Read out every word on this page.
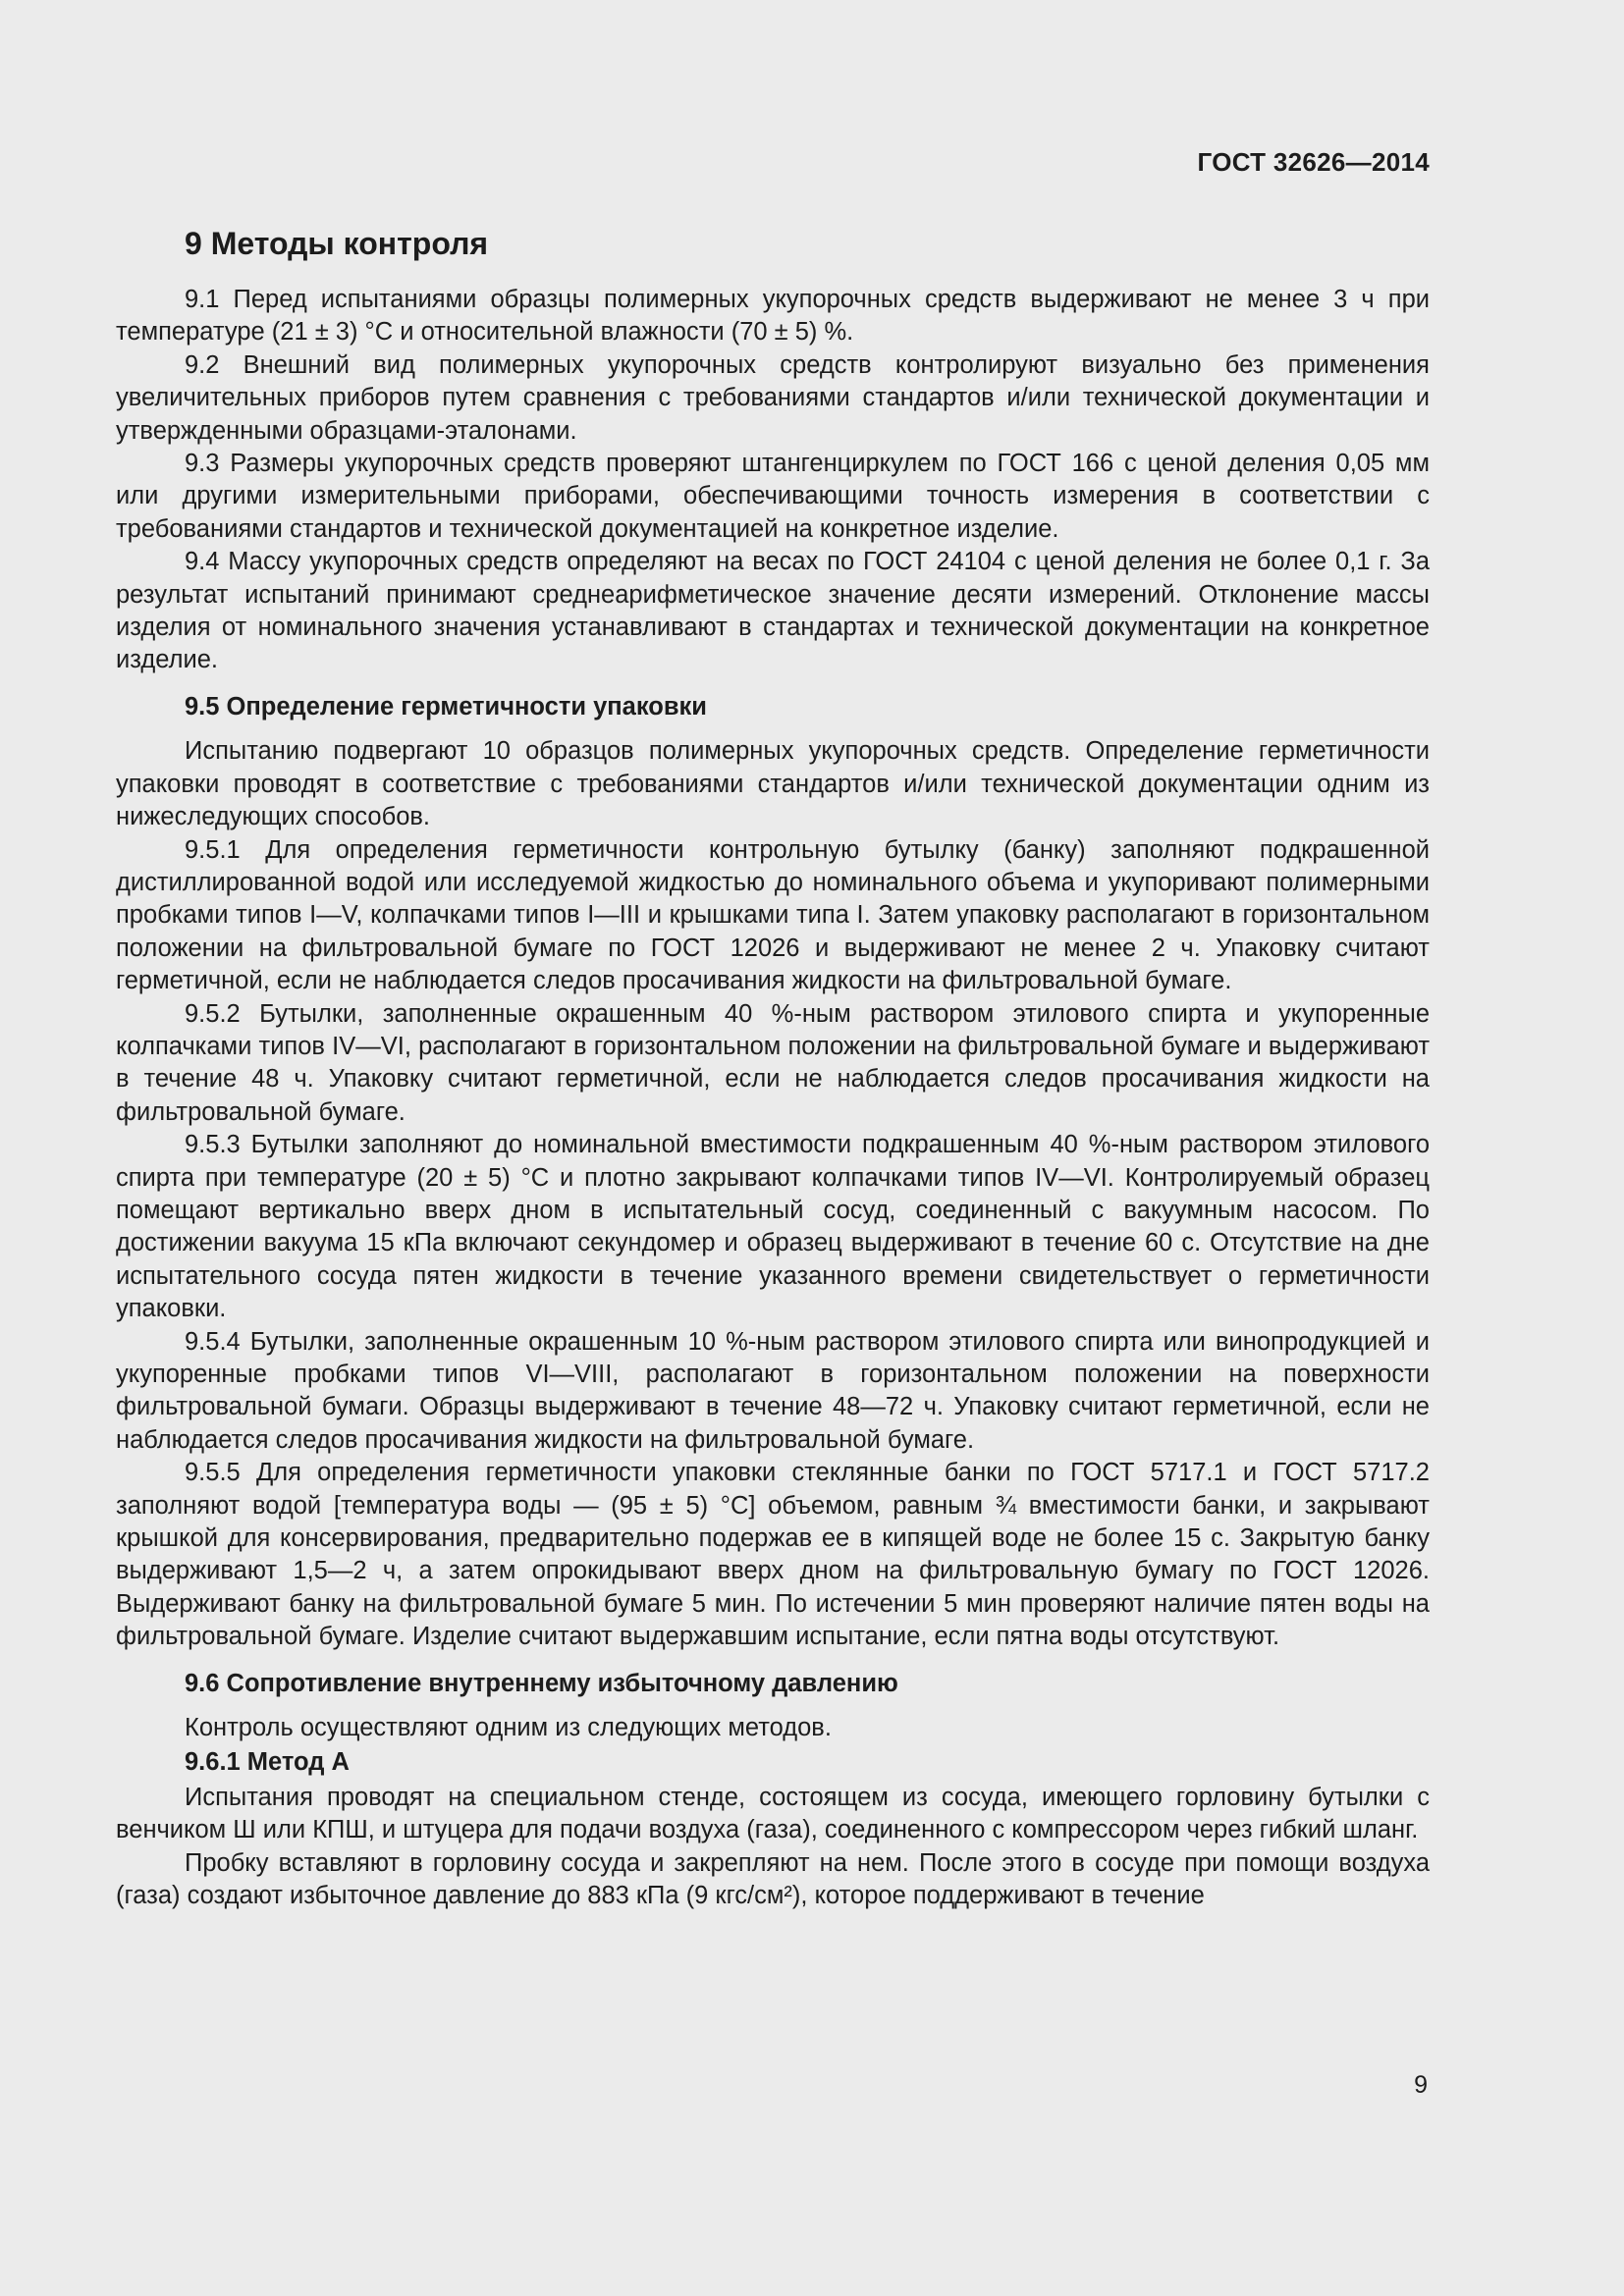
ГОСТ 32626—2014
9 Методы контроля

9.1 Перед испытаниями образцы полимерных укупорочных средств выдерживают не менее 3 ч при температуре (21 ± 3) °С и относительной влажности (70 ± 5) %.

9.2 Внешний вид полимерных укупорочных средств контролируют визуально без применения увеличительных приборов путем сравнения с требованиями стандартов и/или технической документации и утвержденными образцами-эталонами.

9.3 Размеры укупорочных средств проверяют штангенциркулем по ГОСТ 166 с ценой деления 0,05 мм или другими измерительными приборами, обеспечивающими точность измерения в соответствии с требованиями стандартов и технической документацией на конкретное изделие.

9.4 Массу укупорочных средств определяют на весах по ГОСТ 24104 с ценой деления не более 0,1 г. За результат испытаний принимают среднеарифметическое значение десяти измерений. Отклонение массы изделия от номинального значения устанавливают в стандартах и технической документации на конкретное изделие.

9.5 Определение герметичности упаковки

Испытанию подвергают 10 образцов полимерных укупорочных средств. Определение герметичности упаковки проводят в соответствие с требованиями стандартов и/или технической документации одним из нижеследующих способов.

9.5.1 Для определения герметичности контрольную бутылку (банку) заполняют подкрашенной дистиллированной водой или исследуемой жидкостью до номинального объема и укупоривают полимерными пробками типов I—V, колпачками типов I—III и крышками типа I. Затем упаковку располагают в горизонтальном положении на фильтровальной бумаге по ГОСТ 12026 и выдерживают не менее 2 ч. Упаковку считают герметичной, если не наблюдается следов просачивания жидкости на фильтровальной бумаге.

9.5.2 Бутылки, заполненные окрашенным 40 %-ным раствором этилового спирта и укупоренные колпачками типов IV—VI, располагают в горизонтальном положении на фильтровальной бумаге и выдерживают в течение 48 ч. Упаковку считают герметичной, если не наблюдается следов просачивания жидкости на фильтровальной бумаге.

9.5.3 Бутылки заполняют до номинальной вместимости подкрашенным 40 %-ным раствором этилового спирта при температуре (20 ± 5) °С и плотно закрывают колпачками типов IV—VI. Контролируемый образец помещают вертикально вверх дном в испытательный сосуд, соединенный с вакуумным насосом. По достижении вакуума 15 кПа включают секундомер и образец выдерживают в течение 60 с. Отсутствие на дне испытательного сосуда пятен жидкости в течение указанного времени свидетельствует о герметичности упаковки.

9.5.4 Бутылки, заполненные окрашенным 10 %-ным раствором этилового спирта или винопродукцией и укупоренные пробками типов VI—VIII, располагают в горизонтальном положении на поверхности фильтровальной бумаги. Образцы выдерживают в течение 48—72 ч. Упаковку считают герметичной, если не наблюдается следов просачивания жидкости на фильтровальной бумаге.

9.5.5 Для определения герметичности упаковки стеклянные банки по ГОСТ 5717.1 и ГОСТ 5717.2 заполняют водой [температура воды — (95 ± 5) °С] объемом, равным ¾ вместимости банки, и закрывают крышкой для консервирования, предварительно подержав ее в кипящей воде не более 15 с. Закрытую банку выдерживают 1,5—2 ч, а затем опрокидывают вверх дном на фильтровальную бумагу по ГОСТ 12026. Выдерживают банку на фильтровальной бумаге 5 мин. По истечении 5 мин проверяют наличие пятен воды на фильтровальной бумаге. Изделие считают выдержавшим испытание, если пятна воды отсутствуют.

9.6 Сопротивление внутреннему избыточному давлению

Контроль осуществляют одним из следующих методов.

9.6.1 Метод А

Испытания проводят на специальном стенде, состоящем из сосуда, имеющего горловину бутылки с венчиком Ш или КПШ, и штуцера для подачи воздуха (газа), соединенного с компрессором через гибкий шланг.

Пробку вставляют в горловину сосуда и закрепляют на нем. После этого в сосуде при помощи воздуха (газа) создают избыточное давление до 883 кПа (9 кгс/см²), которое поддерживают в течение

9
